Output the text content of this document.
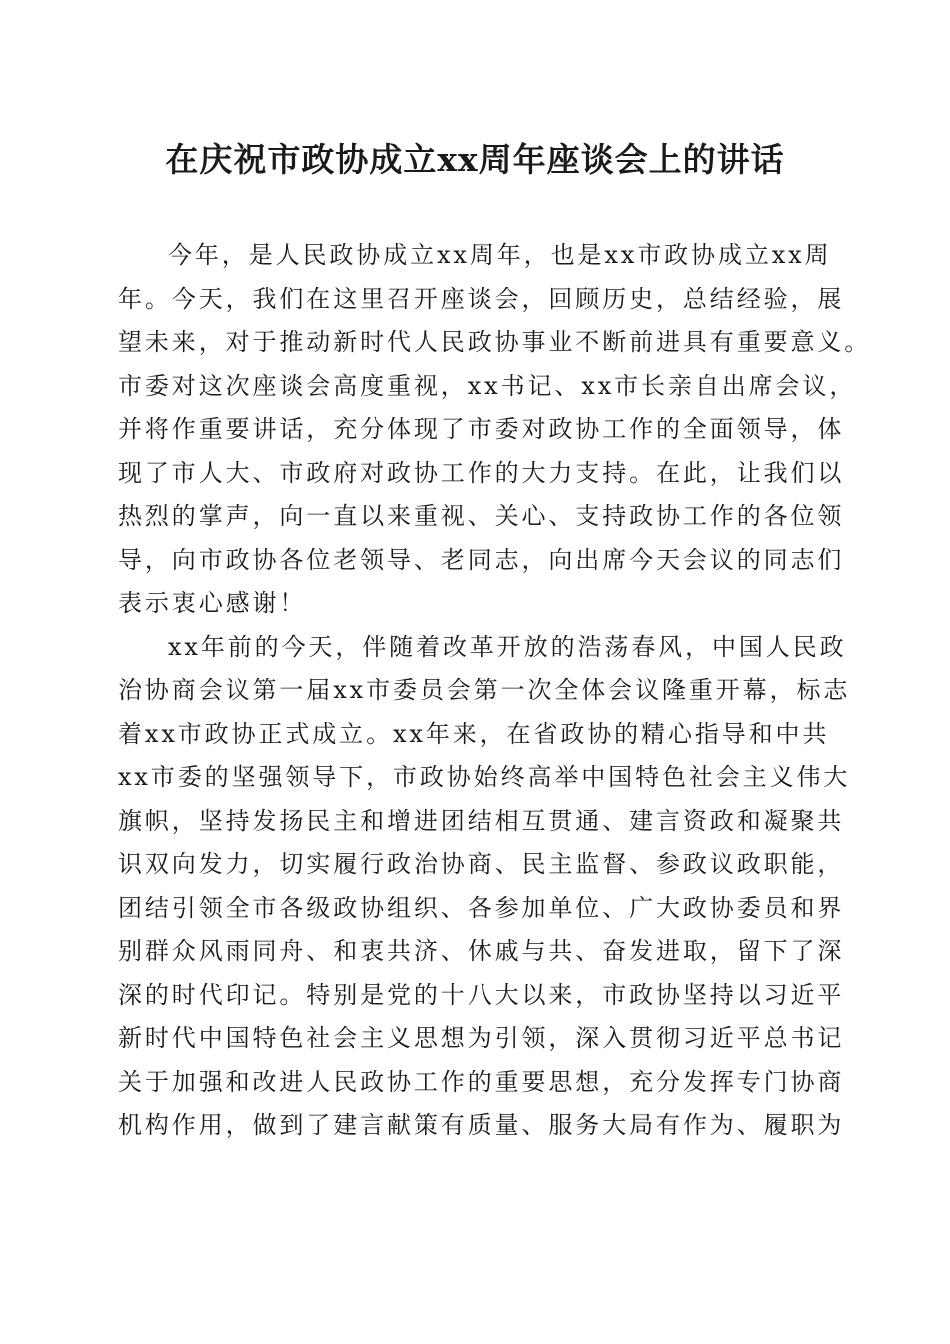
在庆祝市政协成立xx周年座谈会上的讲话
今年，是人民政协成立xx周年，也是xx市政协成立xx周
年。今天，我们在这里召开座谈会，回顾历史，总结经验，展
望未来，对于推动新时代人民政协事业不断前进具有重要意义。
市委对这次座谈会高度重视，xx书记、xx市长亲自出席会议，
并将作重要讲话，充分体现了市委对政协工作的全面领导，体
现了市人大、市政府对政协工作的大力支持。在此，让我们以
热烈的掌声，向一直以来重视、关心、支持政协工作的各位领
导，向市政协各位老领导、老同志，向出席今天会议的同志们
表示衷心感谢！
xx年前的今天，伴随着改革开放的浩荡春风，中国人民政
治协商会议第一届xx市委员会第一次全体会议隆重开幕，标志
着xx市政协正式成立。xx年来，在省政协的精心指导和中共
xx市委的坚强领导下，市政协始终高举中国特色社会主义伟大
旗帜，坚持发扬民主和增进团结相互贯通、建言资政和凝聚共
识双向发力，切实履行政治协商、民主监督、参政议政职能，
团结引领全市各级政协组织、各参加单位、广大政协委员和界
别群众风雨同舟、和衷共济、休戚与共、奋发进取，留下了深
深的时代印记。特别是党的十八大以来，市政协坚持以习近平
新时代中国特色社会主义思想为引领，深入贯彻习近平总书记
关于加强和改进人民政协工作的重要思想，充分发挥专门协商
机构作用，做到了建言献策有质量、服务大局有作为、履职为
